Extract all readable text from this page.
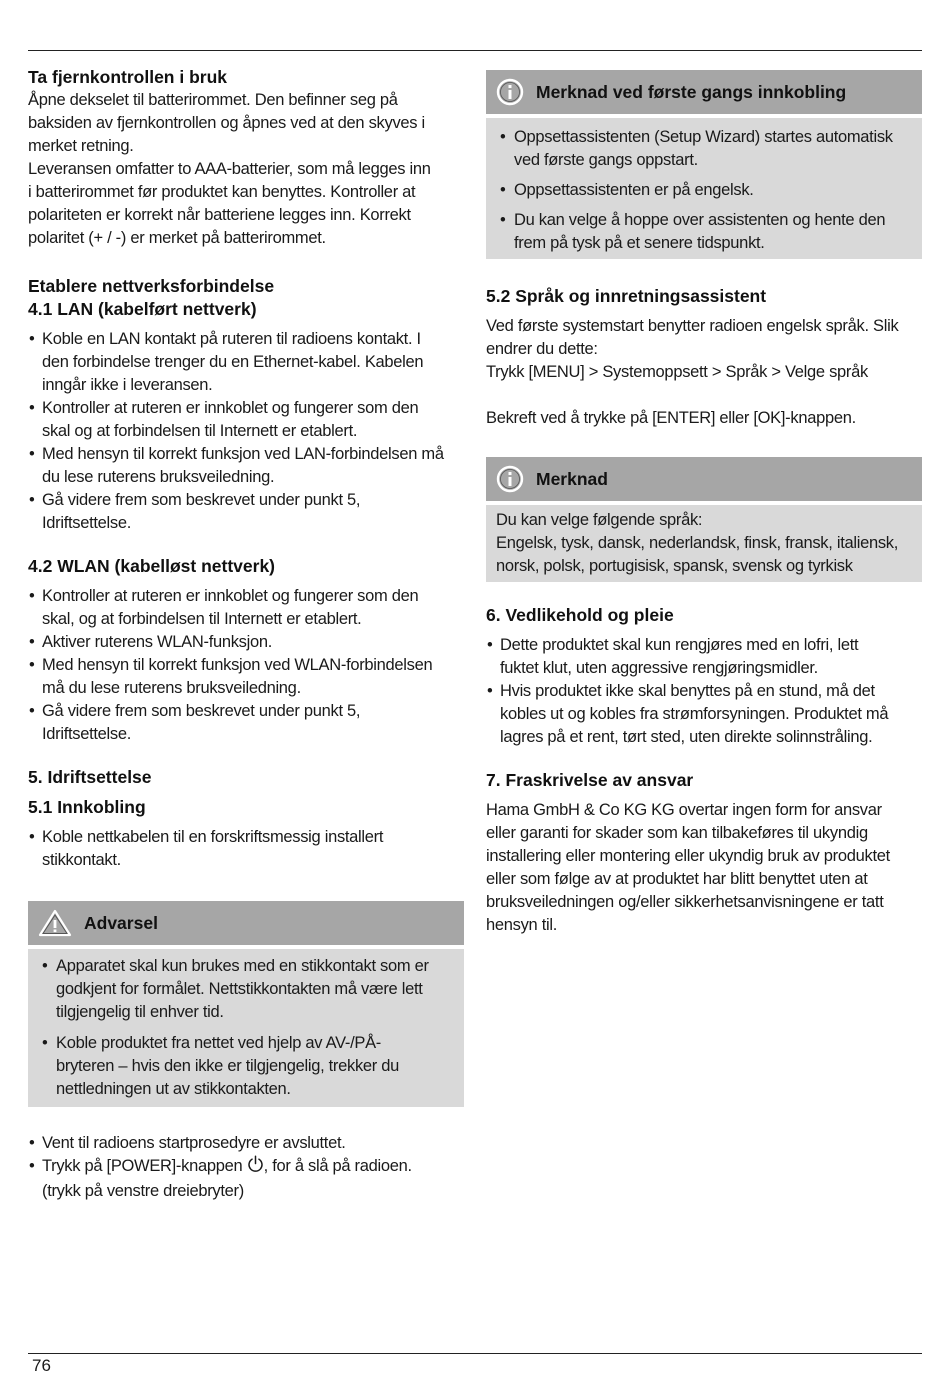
Ta fjernkontrollen i bruk

Åpne dekselet til batterirommet. Den befinner seg på

baksiden av fjernkontrollen og åpnes ved at den skyves i

merket retning.

Leveransen omfatter to AAA-batterier, som må legges inn

i batterirommet før produktet kan benyttes. Kontroller at

polariteten er korrekt når batteriene legges inn. Korrekt

polaritet (+ / -) er merket på batterirommet.

Etablere nettverksforbindelse
4.1 LAN (kabelført nettverk)
• Koble en LAN kontakt på ruteren til radioens kontakt. I
den forbindelse trenger du en Ethernet-kabel. Kabelen
inngår ikke i leveransen.
• Kontroller at ruteren er innkoblet og fungerer som den
skal og at forbindelsen til Internett er etablert.
• Med hensyn til korrekt funksjon ved LAN-forbindelsen må
du lese ruterens bruksveiledning.
• Gå videre frem som beskrevet under punkt 5,
Idriftsettelse.
4.2 WLAN (kabelløst nettverk)
• Kontroller at ruteren er innkoblet og fungerer som den
skal, og at forbindelsen til Internett er etablert.
• Aktiver ruterens WLAN-funksjon.
• Med hensyn til korrekt funksjon ved WLAN-forbindelsen
må du lese ruterens bruksveiledning.
• Gå videre frem som beskrevet under punkt 5,
Idriftsettelse.
5. Idriftsettelse
5.1 Innkobling
• Koble nettkabelen til en forskriftsmessig installert
stikkontakt.
Advarsel
• Apparatet skal kun brukes med en stikkontakt som er
godkjent for formålet. Nettstikkontakten må være lett
tilgjengelig til enhver tid.
• Koble produktet fra nettet ved hjelp av AV-/PÅ-
bryteren – hvis den ikke er tilgjengelig, trekker du
nettledningen ut av stikkontakten.
• Vent til radioens startprosedyre er avsluttet.
• Trykk på [POWER]-knappen , for å slå på radioen.
(trykk på venstre dreiebryter)
Merknad ved første gangs innkobling
• Oppsettassistenten (Setup Wizard) startes automatisk
ved første gangs oppstart.
• Oppsettassistenten er på engelsk.
• Du kan velge å hoppe over assistenten og hente den
frem på tysk på et senere tidspunkt.
5.2 Språk og innretningsassistent

Ved første systemstart benytter radioen engelsk språk. Slik

endrer du dette:

Trykk [MENU] > Systemoppsett > Språk > Velge språk

Bekreft ved å trykke på [ENTER] eller [OK]-knappen.

Merknad

Du kan velge følgende språk:

Engelsk, tysk, dansk, nederlandsk, finsk, fransk, italiensk,

norsk, polsk, portugisisk, spansk, svensk og tyrkisk

6. Vedlikehold og pleie
• Dette produktet skal kun rengjøres med en lofri, lett
fuktet klut, uten aggressive rengjøringsmidler.
• Hvis produktet ikke skal benyttes på en stund, må det
kobles ut og kobles fra strømforsyningen. Produktet må
lagres på et rent, tørt sted, uten direkte solinnstråling.
7. Fraskrivelse av ansvar

Hama GmbH & Co KG KG overtar ingen form for ansvar

eller garanti for skader som kan tilbakeføres til ukyndig

installering eller montering eller ukyndig bruk av produktet

eller som følge av at produktet har blitt benyttet uten at

bruksveiledningen og/eller sikkerhetsanvisningene er tatt

hensyn til.

76
